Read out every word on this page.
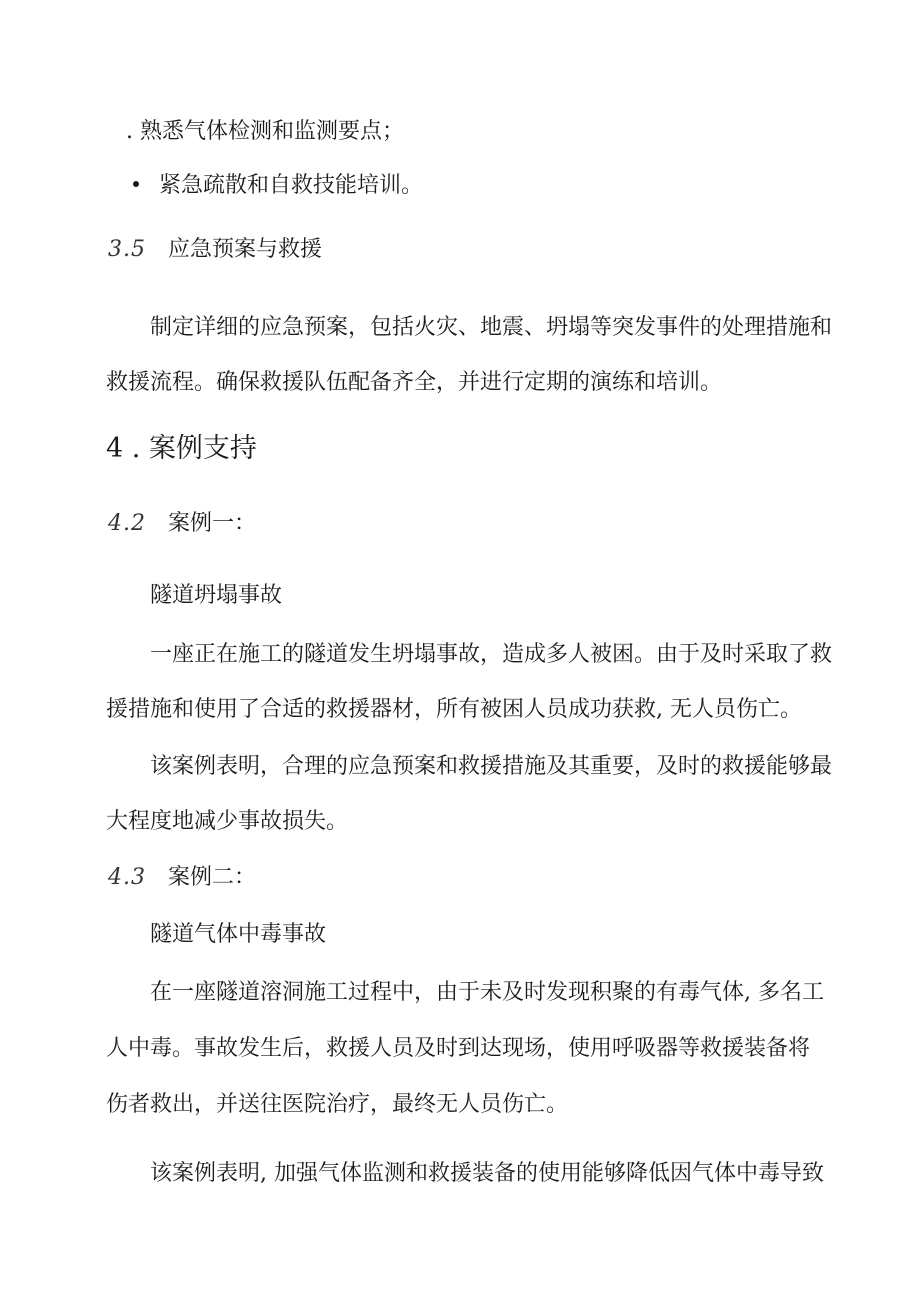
. 熟悉气体检测和监测要点；
紧急疏散和自救技能培训。
3.5 应急预案与救援
制定详细的应急预案，包括火灾、地震、坍塌等突发事件的处理措施和
救援流程。确保救援队伍配备齐全，并进行定期的演练和培训。
4 . 案例支持
4.2 案例一：
隧道坍塌事故
一座正在施工的隧道发生坍塌事故，造成多人被困。由于及时采取了救
援措施和使用了合适的救援器材，所有被困人员成功获救, 无人员伤亡。
该案例表明，合理的应急预案和救援措施及其重要，及时的救援能够最
大程度地减少事故损失。
4.3 案例二：
隧道气体中毒事故
在一座隧道溶洞施工过程中，由于未及时发现积聚的有毒气体, 多名工
人中毒。事故发生后，救援人员及时到达现场，使用呼吸器等救援装备将
伤者救出，并送往医院治疗，最终无人员伤亡。
该案例表明, 加强气体监测和救援装备的使用能够降低因气体中毒导致
